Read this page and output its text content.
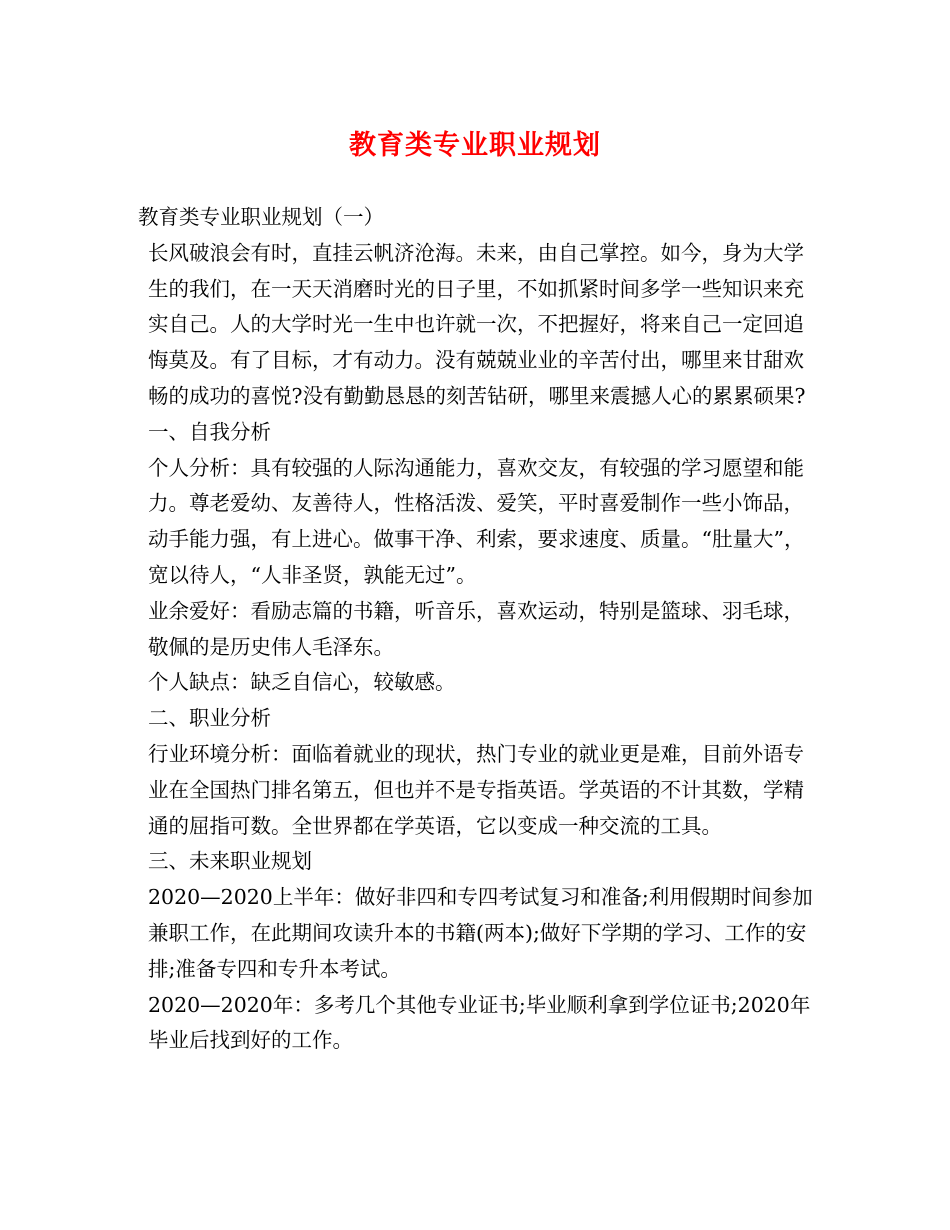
教育类专业职业规划

教育类专业职业规划（一）

长风破浪会有时，直挂云帆济沧海。未来，由自己掌控。如今，身为大学生的我们，在一天天消磨时光的日子里，不如抓紧时间多学一些知识来充实自己。人的大学时光一生中也许就一次，不把握好，将来自己一定回追悔莫及。有了目标，才有动力。没有兢兢业业的辛苦付出，哪里来甘甜欢畅的成功的喜悦?没有勤勤恳恳的刻苦钻研，哪里来震撼人心的累累硕果?

一、自我分析

个人分析：具有较强的人际沟通能力，喜欢交友，有较强的学习愿望和能力。尊老爱幼、友善待人，性格活泼、爱笑，平时喜爱制作一些小饰品，动手能力强，有上进心。做事干净、利索，要求速度、质量。“肚量大”，宽以待人，“人非圣贤，孰能无过”。

业余爱好：看励志篇的书籍，听音乐，喜欢运动，特别是篮球、羽毛球，敬佩的是历史伟人毛泽东。

个人缺点：缺乏自信心，较敏感。

二、职业分析

行业环境分析：面临着就业的现状，热门专业的就业更是难，目前外语专业在全国热门排名第五，但也并不是专指英语。学英语的不计其数，学精通的屈指可数。全世界都在学英语，它以变成一种交流的工具。

三、未来职业规划

2020—2020上半年：做好非四和专四考试复习和准备;利用假期时间参加兼职工作，在此期间攻读升本的书籍(两本);做好下学期的学习、工作的安排;准备专四和专升本考试。

2020—2020年：多考几个其他专业证书;毕业顺利拿到学位证书;2020年毕业后找到好的工作。
